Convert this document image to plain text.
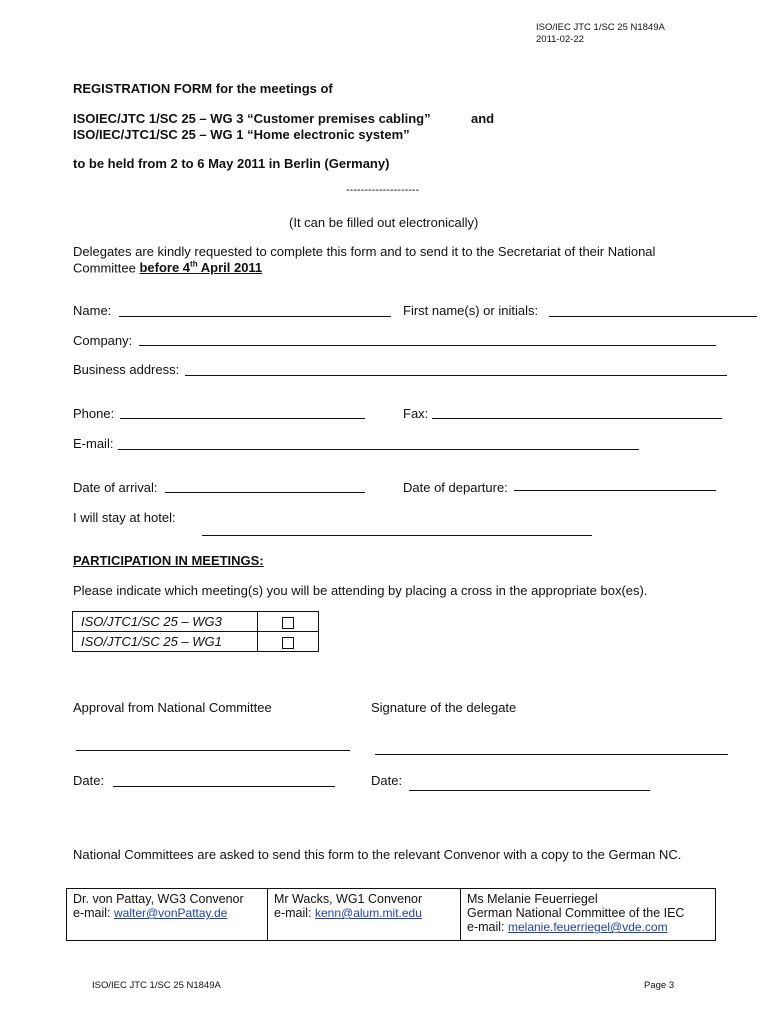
ISO/IEC JTC 1/SC 25 N1849A
2011-02-22
REGISTRATION FORM for the meetings of
ISOIEC/JTC 1/SC 25 – WG 3 “Customer premises cabling”	and
ISO/IEC/JTC1/SC 25 – WG 1 “Home electronic system”
to be held from 2 to 6 May 2011 in Berlin (Germany)
--------------------
(It can be filled out electronically)
Delegates are kindly requested to complete this form and to send it to the Secretariat of their National
Committee before 4th April 2011
Name:	First name(s) or initials:
Company:
Business address:
Phone:	Fax:
E-mail:
Date of arrival:	Date of departure:
I will stay at hotel:
PARTICIPATION IN MEETINGS:
Please indicate which meeting(s) you will be attending by placing a cross in the appropriate box(es).
ISO/JTC1/SC 25 – WG3	
ISO/JTC1/SC 25 – WG1	
Approval from National Committee	Signature of the delegate
Date:	Date:
National Committees are asked to send this form to the relevant Convenor with a copy to the German NC.
Dr. von Pattay, WG3 Convenor
e-mail: walter@vonPattay.de

Mr Wacks, WG1 Convenor
e-mail: kenn@alum.mit.edu

Ms Melanie Feuerriegel
German National Committee of the IEC
e-mail: melanie.feuerriegel@vde.com
ISO/IEC JTC 1/SC 25 N1849A	Page 3
